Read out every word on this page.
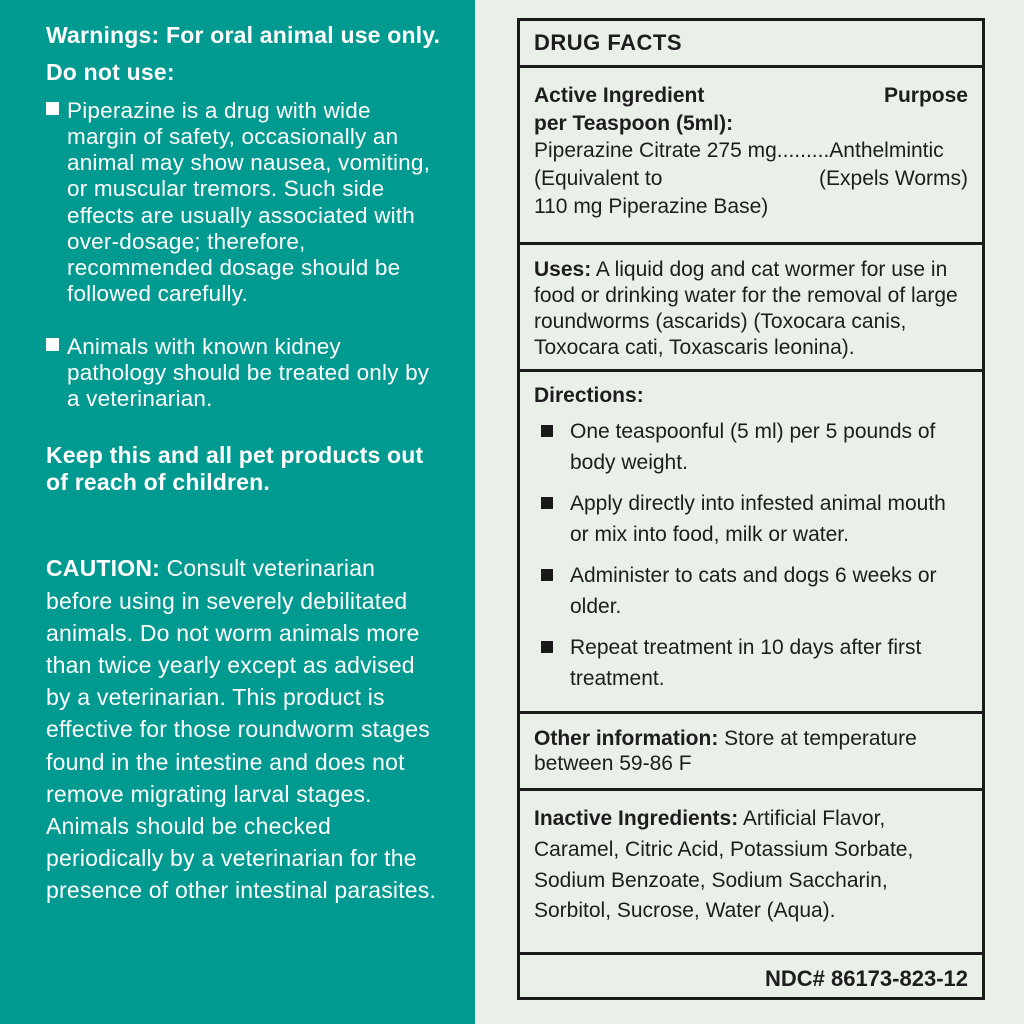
Warnings: For oral animal use only.

Do not use:

Piperazine is a drug with wide margin of safety, occasionally an animal may show nausea, vomiting, or muscular tremors. Such side effects are usually associated with over-dosage; therefore, recommended dosage should be followed carefully.
Animals with known kidney pathology should be treated only by a veterinarian.

Keep this and all pet products out of reach of children.

CAUTION: Consult veterinarian before using in severely debilitated animals. Do not worm animals more than twice yearly except as advised by a veterinarian. This product is effective for those roundworm stages found in the intestine and does not remove migrating larval stages. Animals should be checked periodically by a veterinarian for the presence of other intestinal parasites.

DRUG FACTS
Active Ingredient	Purpose
per Teaspoon (5ml):
Piperazine Citrate 275 mg.........Anthelmintic
(Equivalent to	(Expels Worms)
110 mg Piperazine Base)
Uses: A liquid dog and cat wormer for use in food or drinking water for the removal of large roundworms (ascarids) (Toxocara canis, Toxocara cati, Toxascaris leonina).
Directions:
One teaspoonful (5 ml) per 5 pounds of body weight.
Apply directly into infested animal mouth or mix into food, milk or water.
Administer to cats and dogs 6 weeks or older.
Repeat treatment in 10 days after first treatment.
Other information: Store at temperature between 59-86 F
Inactive Ingredients: Artificial Flavor, Caramel, Citric Acid, Potassium Sorbate, Sodium Benzoate, Sodium Saccharin, Sorbitol, Sucrose, Water (Aqua).
NDC# 86173-823-12
